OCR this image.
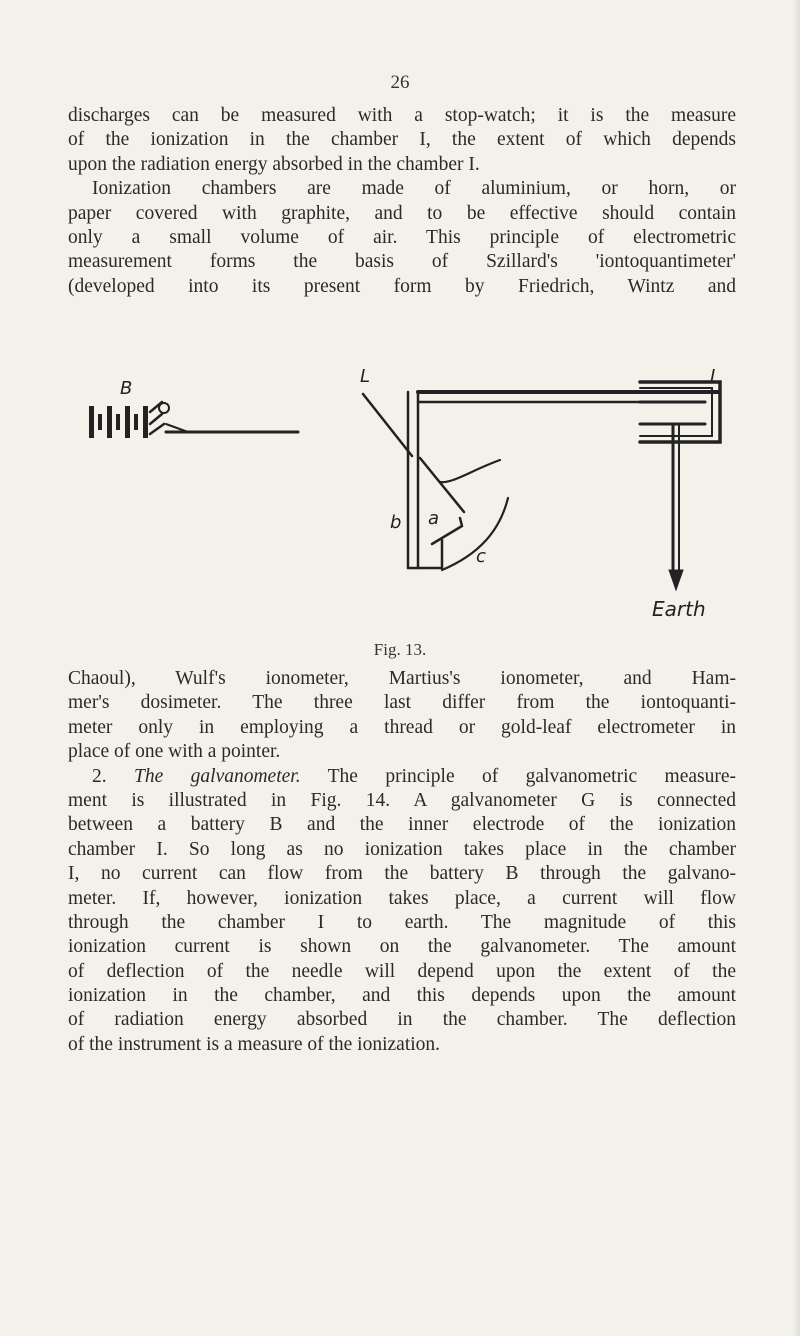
26
discharges can be measured with a stop-watch; it is the measure
of the ionization in the chamber I, the extent of which depends
upon the radiation energy absorbed in the chamber I.
Ionization chambers are made of aluminium, or horn, or
paper covered with graphite, and to be effective should contain
only a small volume of air. This principle of electrometric
measurement forms the basis of Szillard's 'iontoquantimeter'
(developed into its present form by Friedrich, Wintz and
B
L	I
a
b
c
Earth
Fig. 13.
Chaoul), Wulf's ionometer, Martius's ionometer, and Ham-
mer's dosimeter. The three last differ from the iontoquanti-
meter only in employing a thread or gold-leaf electrometer in
place of one with a pointer.
2. The galvanometer. The principle of galvanometric measure-
ment is illustrated in Fig. 14. A galvanometer G is connected
between a battery B and the inner electrode of the ionization
chamber I. So long as no ionization takes place in the chamber
I, no current can flow from the battery B through the galvano-
meter. If, however, ionization takes place, a current will flow
through the chamber I to earth. The magnitude of this
ionization current is shown on the galvanometer. The amount
of deflection of the needle will depend upon the extent of the
ionization in the chamber, and this depends upon the amount
of radiation energy absorbed in the chamber. The deflection
of the instrument is a measure of the ionization.
